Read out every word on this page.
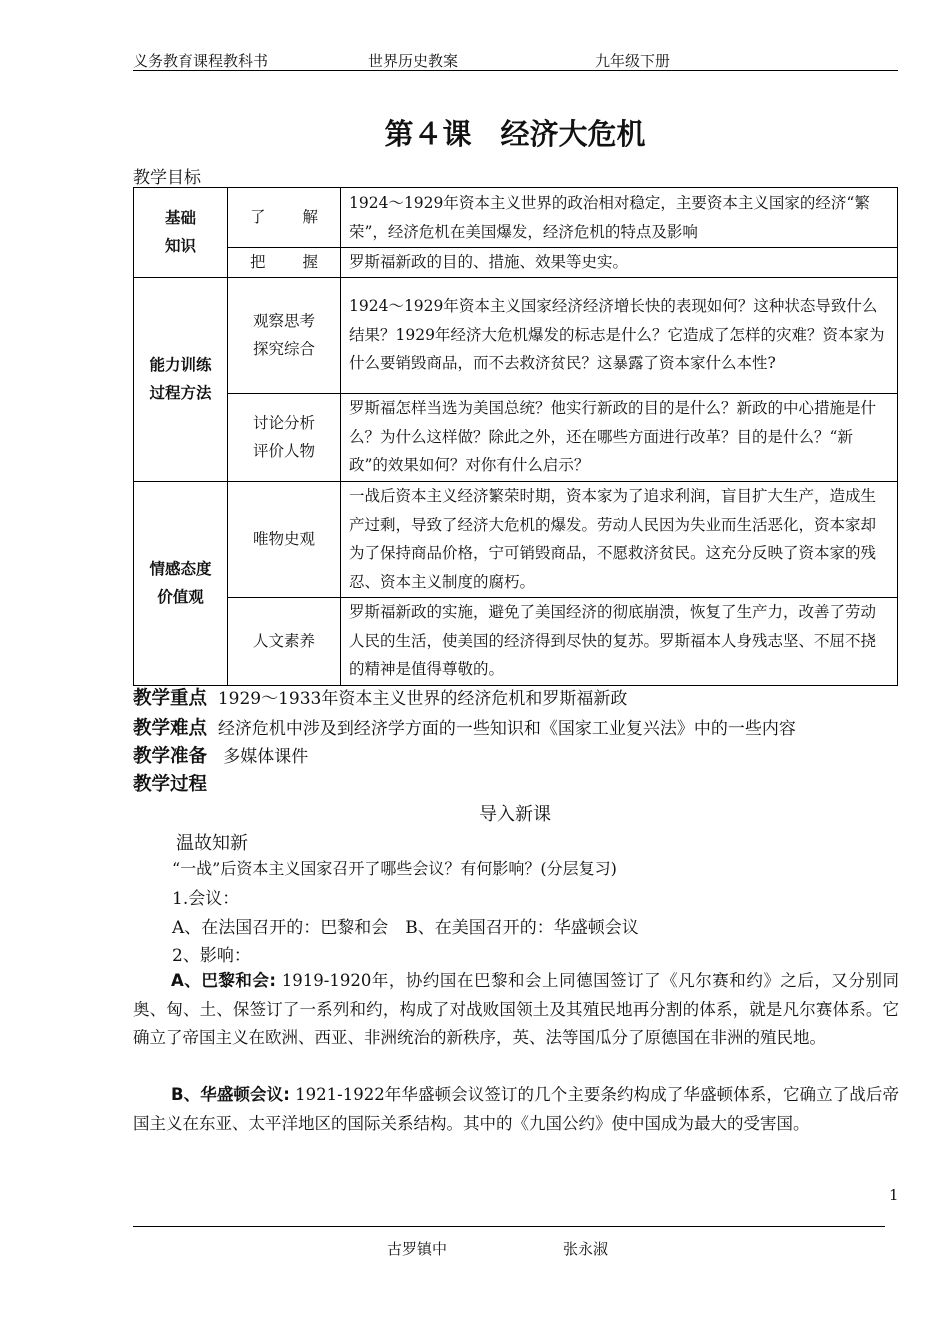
义务教育课程教科书	世界历史教案	九年级下册
第４课　经济大危机
教学目标
基础知识	了 解	1924～1929年资本主义世界的政治相对稳定，主要资本主义国家的经济“繁荣”，经济危机在美国爆发，经济危机的特点及影响

	把 握	罗斯福新政的目的、措施、效果等史实。

能力训练过程方法	观察思考探究综合	1924～1929年资本主义国家经济经济增长快的表现如何？这种状态导致什么结果？1929年经济大危机爆发的标志是什么？它造成了怎样的灾难？资本家为什么要销毁商品，而不去救济贫民？这暴露了资本家什么本性?

	讨论分析评价人物	罗斯福怎样当选为美国总统？他实行新政的目的是什么？新政的中心措施是什么？为什么这样做？除此之外，还在哪些方面进行改革？目的是什么？“新政”的效果如何？对你有什么启示？

情感态度价值观	唯物史观	一战后资本主义经济繁荣时期，资本家为了追求利润，盲目扩大生产，造成生产过剩，导致了经济大危机的爆发。劳动人民因为失业而生活恶化，资本家却为了保持商品价格，宁可销毁商品，不愿救济贫民。这充分反映了资本家的残忍、资本主义制度的腐朽。

	人文素养	罗斯福新政的实施，避免了美国经济的彻底崩溃，恢复了生产力，改善了劳动人民的生活，使美国的经济得到尽快的复苏。罗斯福本人身残志坚、不屈不挠的精神是值得尊敬的。
教学重点 1929～1933年资本主义世界的经济危机和罗斯福新政
教学难点 经济危机中涉及到经济学方面的一些知识和《国家工业复兴法》中的一些内容
教学准备 多媒体课件
教学过程
导入新课
温故知新
“一战”后资本主义国家召开了哪些会议？有何影响？(分层复习)
1.会议：
A、在法国召开的：巴黎和会　B、在美国召开的：华盛顿会议
2、影响：
A、巴黎和会: 1919-1920年，协约国在巴黎和会上同德国签订了《凡尔赛和约》之后，又分别同奥、匈、土、保签订了一系列和约，构成了对战败国领土及其殖民地再分割的体系，就是凡尔赛体系。它确立了帝国主义在欧洲、西亚、非洲统治的新秩序，英、法等国瓜分了原德国在非洲的殖民地。
B、华盛顿会议: 1921-1922年华盛顿会议签订的几个主要条约构成了华盛顿体系，它确立了战后帝国主义在东亚、太平洋地区的国际关系结构。其中的《九国公约》使中国成为最大的受害国。
1
古罗镇中	张永淑
